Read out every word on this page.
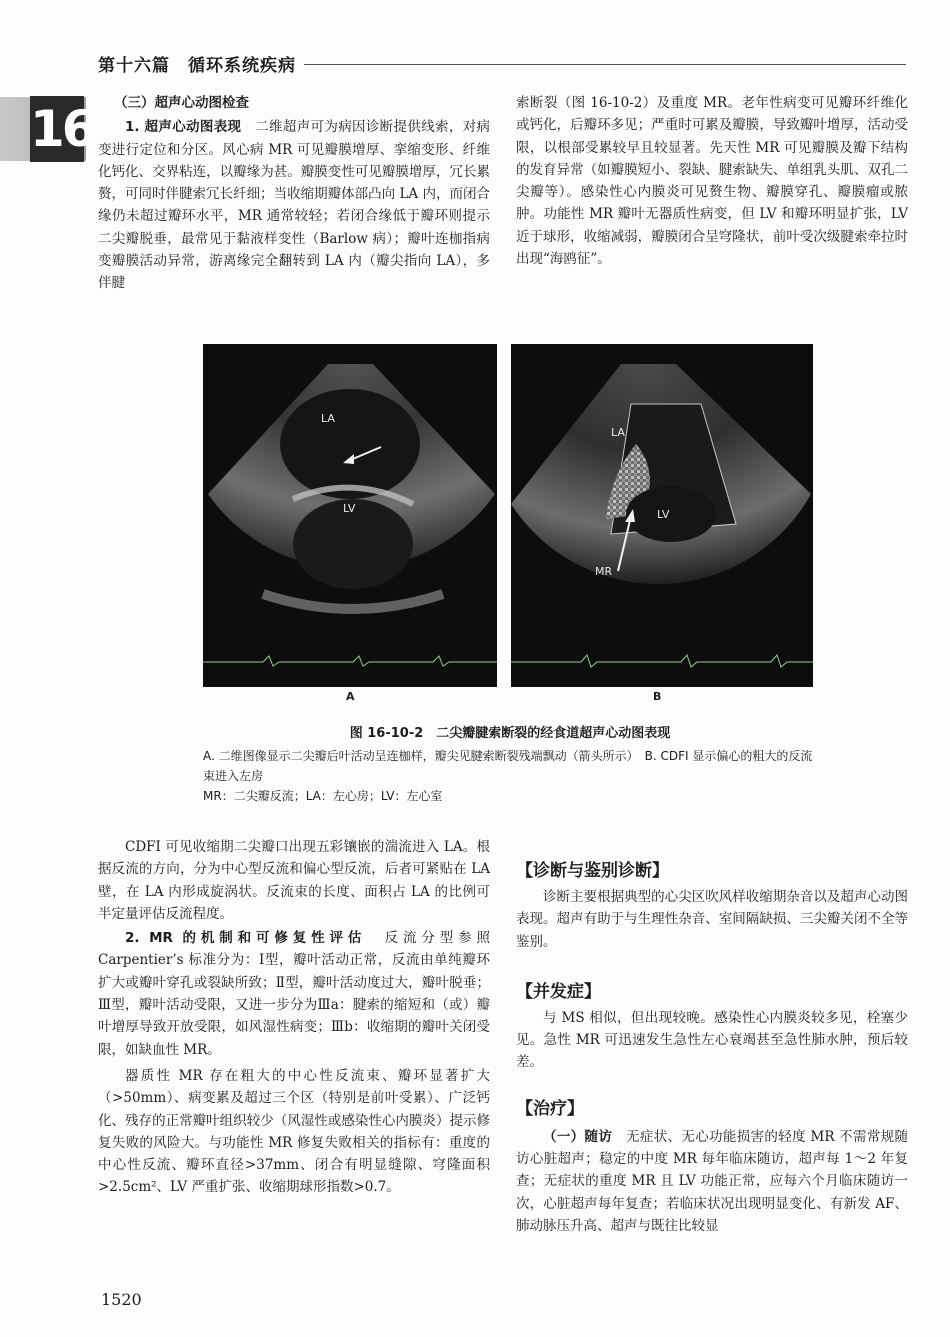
第十六篇 循环系统疾病
16	（三）超声心动图检查

1. 超声心动图表现　二维超声可为病因诊断提供线索，对病变进行定位和分区。风心病 MR 可见瓣膜增厚、挛缩变形、纤维化钙化、交界粘连，以瓣缘为甚。瓣膜变性可见瓣膜增厚，冗长累赘，可同时伴腱索冗长纤细；当收缩期瓣体部凸向 LA 内，而闭合缘仍未超过瓣环水平，MR 通常较轻；若闭合缘低于瓣环则提示二尖瓣脱垂，最常见于黏液样变性（Barlow 病）；瓣叶连枷指病变瓣膜活动异常，游离缘完全翻转到 LA 内（瓣尖指向 LA），多伴腱

索断裂（图 16-10-2）及重度 MR。老年性病变可见瓣环纤维化或钙化，后瓣环多见；严重时可累及瓣膜，导致瓣叶增厚，活动受限，以根部受累较早且较显著。先天性 MR 可见瓣膜及瓣下结构的发育异常（如瓣膜短小、裂缺、腱索缺失、单组乳头肌、双孔二尖瓣等）。感染性心内膜炎可见赘生物、瓣膜穿孔、瓣膜瘤或脓肿。功能性 MR 瓣叶无器质性病变，但 LV 和瓣环明显扩张，LV 近于球形，收缩减弱，瓣膜闭合呈穹隆状，前叶受次级腱索牵拉时出现“海鸥征”。

LA
LV
LA
LV
MR
A	B
图 16-10-2　二尖瓣腱索断裂的经食道超声心动图表现

A. 二维图像显示二尖瓣后叶活动呈连枷样，瓣尖见腱索断裂残端飘动（箭头所示）　B. CDFI 显示偏心的粗大的反流束进入左房

MR：二尖瓣反流；LA：左心房；LV：左心室

CDFI 可见收缩期二尖瓣口出现五彩镶嵌的湍流进入 LA。根据反流的方向，分为中心型反流和偏心型反流，后者可紧贴在 LA 壁，在 LA 内形成旋涡状。反流束的长度、面积占 LA 的比例可半定量评估反流程度。

2. MR 的机制和可修复性评估　反流分型参照 Carpentier’s 标准分为：Ⅰ型，瓣叶活动正常，反流由单纯瓣环扩大或瓣叶穿孔或裂缺所致；Ⅱ型，瓣叶活动度过大，瓣叶脱垂；Ⅲ型，瓣叶活动受限，又进一步分为Ⅲa：腱索的缩短和（或）瓣叶增厚导致开放受限，如风湿性病变；Ⅲb：收缩期的瓣叶关闭受限，如缺血性 MR。

器质性 MR 存在粗大的中心性反流束、瓣环显著扩大（>50mm）、病变累及超过三个区（特别是前叶受累）、广泛钙化、残存的正常瓣叶组织较少（风湿性或感染性心内膜炎）提示修复失败的风险大。与功能性 MR 修复失败相关的指标有：重度的中心性反流、瓣环直径>37mm、闭合有明显缝隙、穹隆面积>2.5cm²、LV 严重扩张、收缩期球形指数>0.7。

【诊断与鉴别诊断】

诊断主要根据典型的心尖区吹风样收缩期杂音以及超声心动图表现。超声有助于与生理性杂音、室间隔缺损、三尖瓣关闭不全等鉴别。

【并发症】

与 MS 相似，但出现较晚。感染性心内膜炎较多见，栓塞少见。急性 MR 可迅速发生急性左心衰竭甚至急性肺水肿，预后较差。

【治疗】

（一）随访　无症状、无心功能损害的轻度 MR 不需常规随访心脏超声；稳定的中度 MR 每年临床随访，超声每 1～2 年复查；无症状的重度 MR 且 LV 功能正常，应每六个月临床随访一次，心脏超声每年复查；若临床状况出现明显变化、有新发 AF、肺动脉压升高、超声与既往比较显

1520
